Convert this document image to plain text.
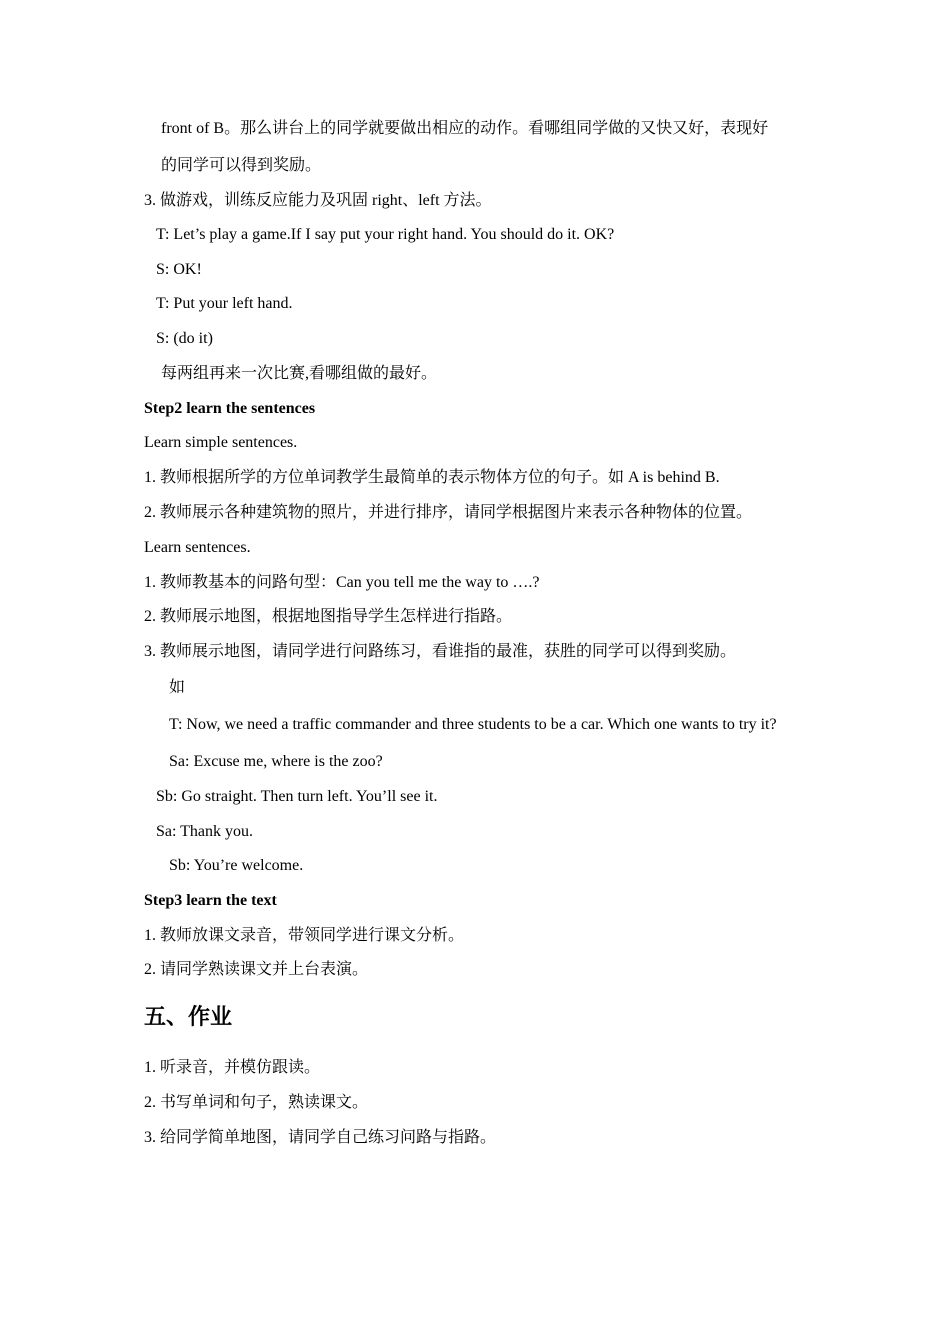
front of B。那么讲台上的同学就要做出相应的动作。看哪组同学做的又快又好，表现好

的同学可以得到奖励。

3. 做游戏，训练反应能力及巩固 right、left 方法。

T: Let’s play a game.If I say put your right hand. You should do it. OK?

S: OK!

T: Put your left hand.

S: (do it)

每两组再来一次比赛,看哪组做的最好。

Step2 learn the sentences

Learn simple sentences.

1. 教师根据所学的方位单词教学生最简单的表示物体方位的句子。如 A is behind B.

2. 教师展示各种建筑物的照片，并进行排序，请同学根据图片来表示各种物体的位置。

Learn sentences.

1. 教师教基本的问路句型：Can you tell me the way to ….?

2. 教师展示地图，根据地图指导学生怎样进行指路。

3. 教师展示地图，请同学进行问路练习，看谁指的最准，获胜的同学可以得到奖励。

如

T: Now, we need a traffic commander and three students to be a car. Which one wants to try it?

Sa: Excuse me, where is the zoo?

Sb: Go straight. Then turn left. You’ll see it.

Sa: Thank you.

Sb: You’re welcome.

Step3 learn the text

1. 教师放课文录音，带领同学进行课文分析。

2. 请同学熟读课文并上台表演。

五、作业

1. 听录音，并模仿跟读。

2. 书写单词和句子，熟读课文。

3. 给同学简单地图，请同学自己练习问路与指路。
